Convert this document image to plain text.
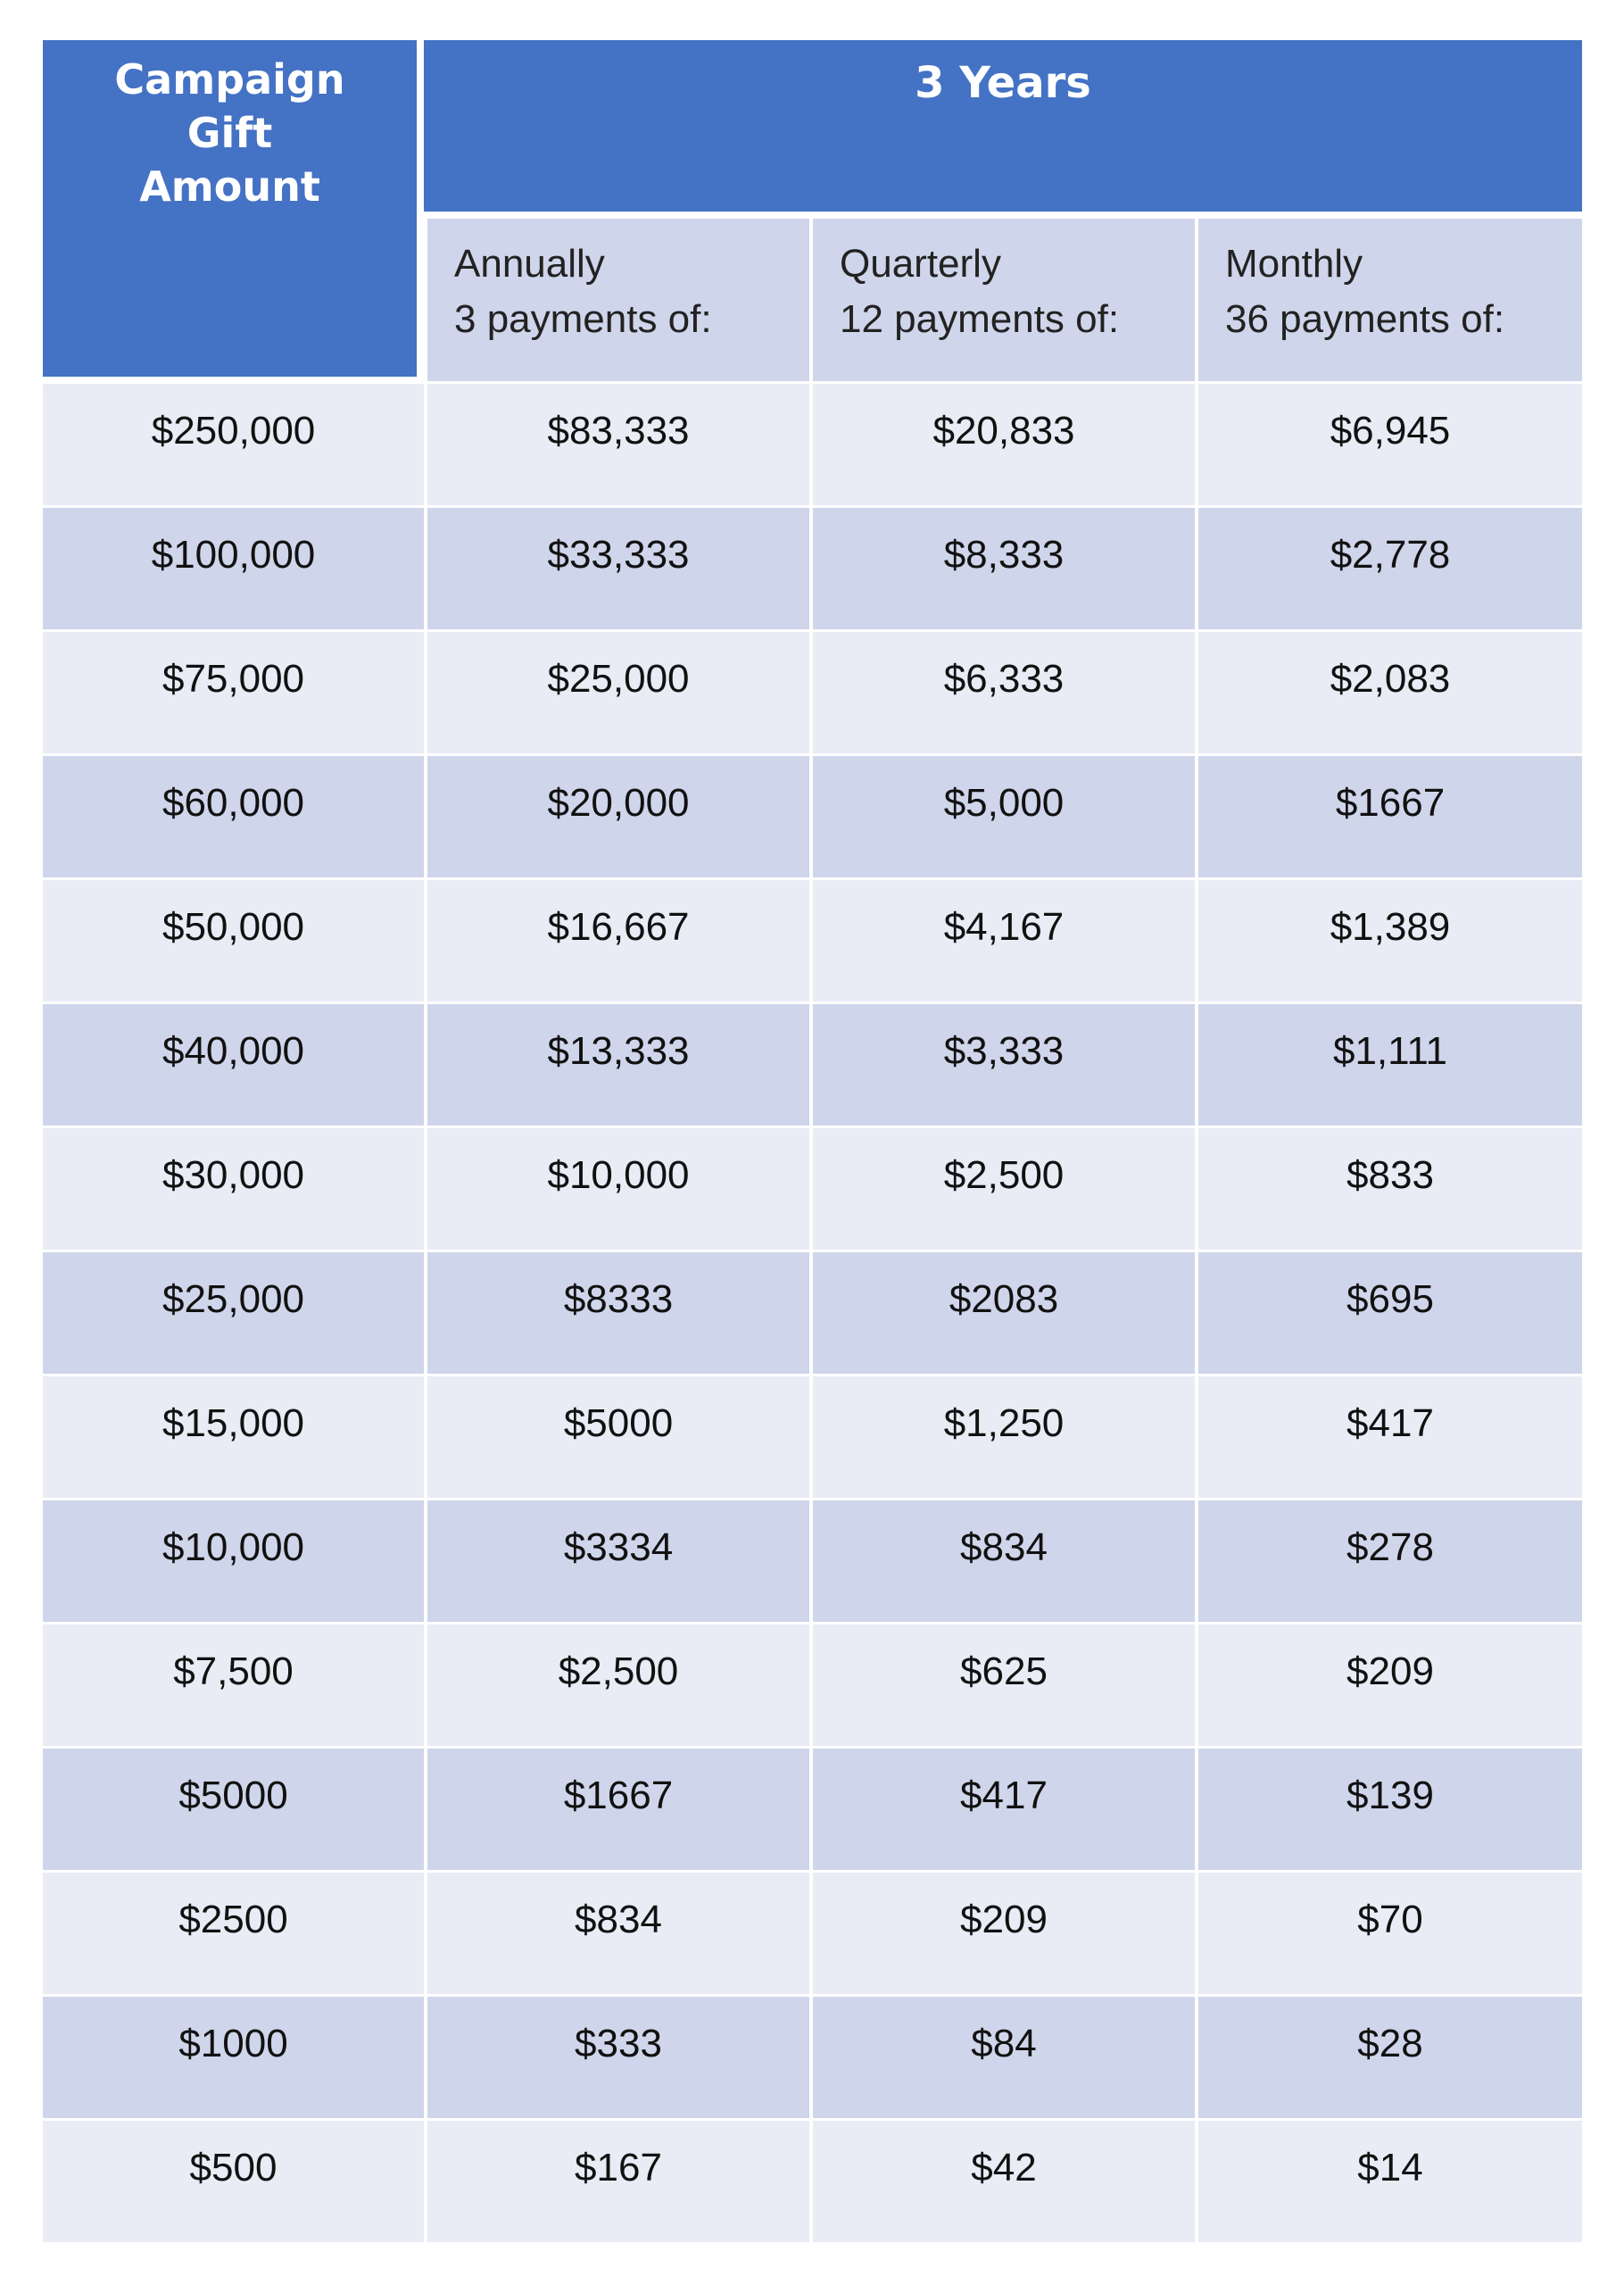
Campaign
Gift
Amount
3 Years
Annually
3 payments of:
Quarterly
12 payments of:
Monthly
36 payments of:
$250,000	$83,333	$20,833	$6,945
$100,000	$33,333	$8,333	$2,778
$75,000	$25,000	$6,333	$2,083
$60,000	$20,000	$5,000	$1667
$50,000	$16,667	$4,167	$1,389
$40,000	$13,333	$3,333	$1,111
$30,000	$10,000	$2,500	$833
$25,000	$8333	$2083	$695
$15,000	$5000	$1,250	$417
$10,000	$3334	$834	$278
$7,500	$2,500	$625	$209
$5000	$1667	$417	$139
$2500	$834	$209	$70
$1000	$333	$84	$28
$500	$167	$42	$14
